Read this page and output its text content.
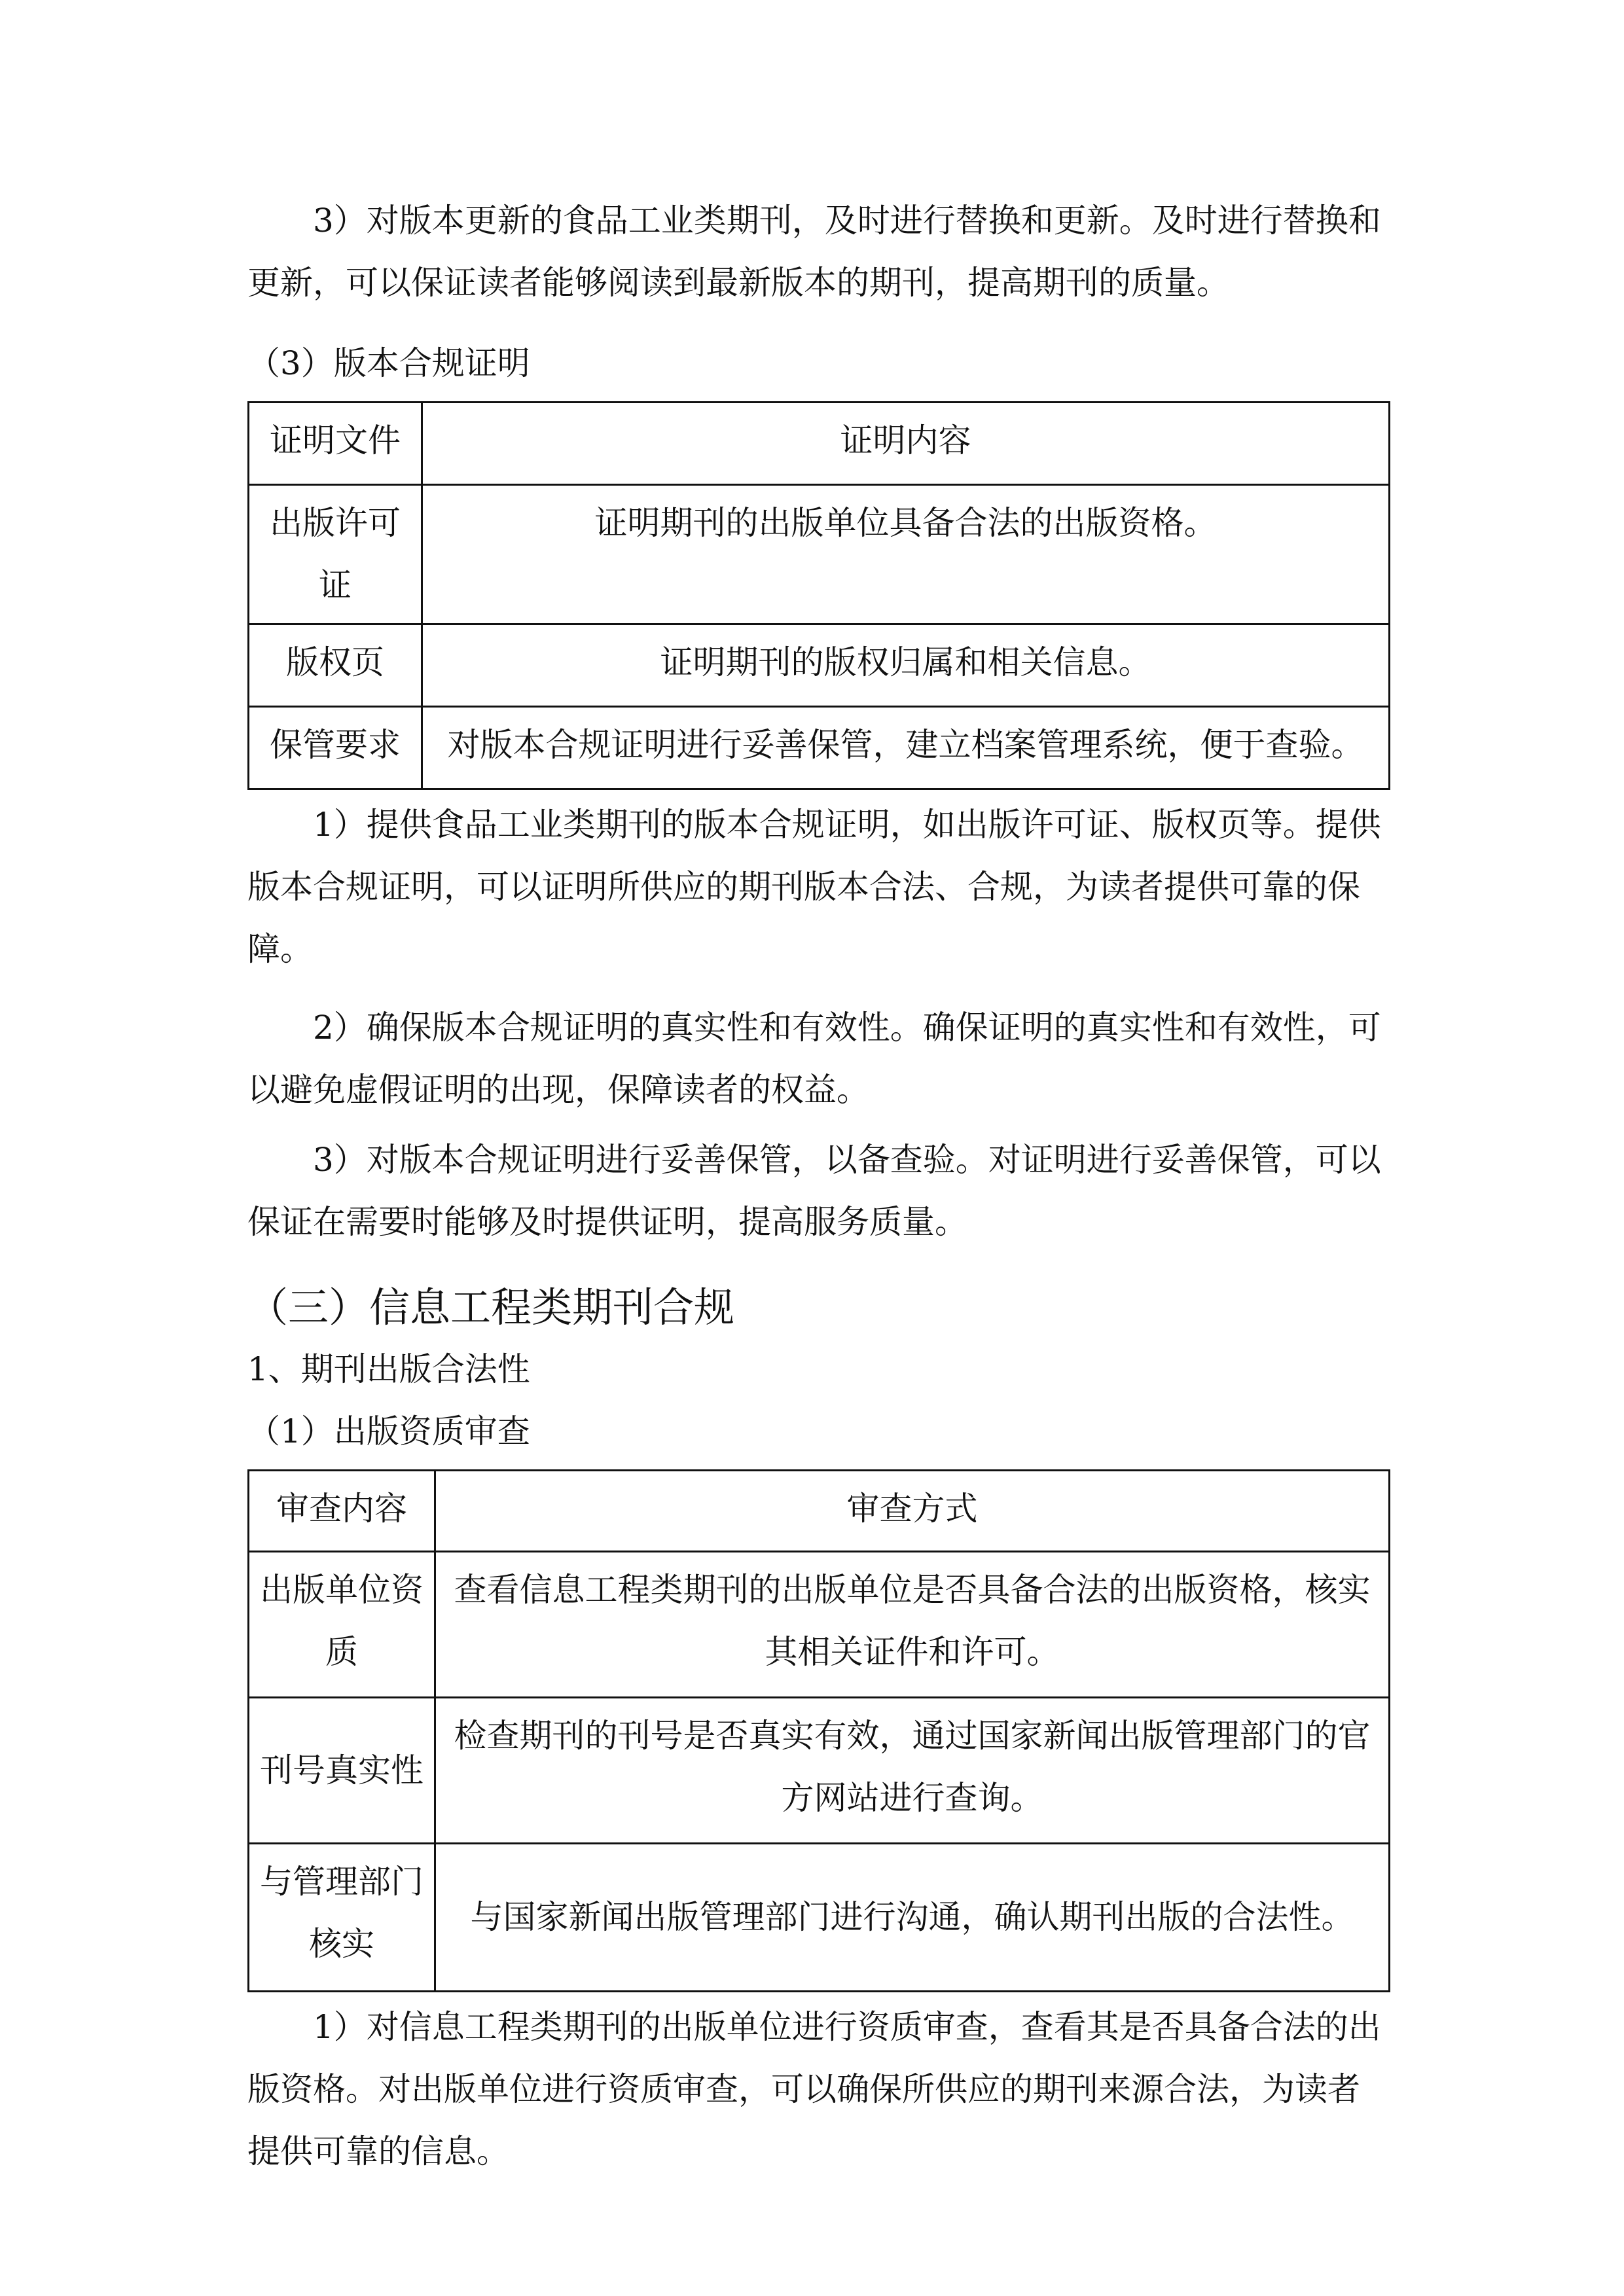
3）对版本更新的食品工业类期刊，及时进行替换和更新。及时进行替换和更新，可以保证读者能够阅读到最新版本的期刊，提高期刊的质量。
（3）版本合规证明
证明文件	证明内容
出版许可证	证明期刊的出版单位具备合法的出版资格。
版权页	证明期刊的版权归属和相关信息。
保管要求	对版本合规证明进行妥善保管，建立档案管理系统，便于查验。
1）提供食品工业类期刊的版本合规证明，如出版许可证、版权页等。提供版本合规证明，可以证明所供应的期刊版本合法、合规，为读者提供可靠的保障。
2）确保版本合规证明的真实性和有效性。确保证明的真实性和有效性，可以避免虚假证明的出现，保障读者的权益。
3）对版本合规证明进行妥善保管，以备查验。对证明进行妥善保管，可以保证在需要时能够及时提供证明，提高服务质量。
（三）信息工程类期刊合规
1、期刊出版合法性
（1）出版资质审查
审查内容	审查方式
出版单位资质	查看信息工程类期刊的出版单位是否具备合法的出版资格，核实其相关证件和许可。
刊号真实性	检查期刊的刊号是否真实有效，通过国家新闻出版管理部门的官方网站进行查询。
与管理部门核实	与国家新闻出版管理部门进行沟通，确认期刊出版的合法性。
1）对信息工程类期刊的出版单位进行资质审查，查看其是否具备合法的出版资格。对出版单位进行资质审查，可以确保所供应的期刊来源合法，为读者提供可靠的信息。
